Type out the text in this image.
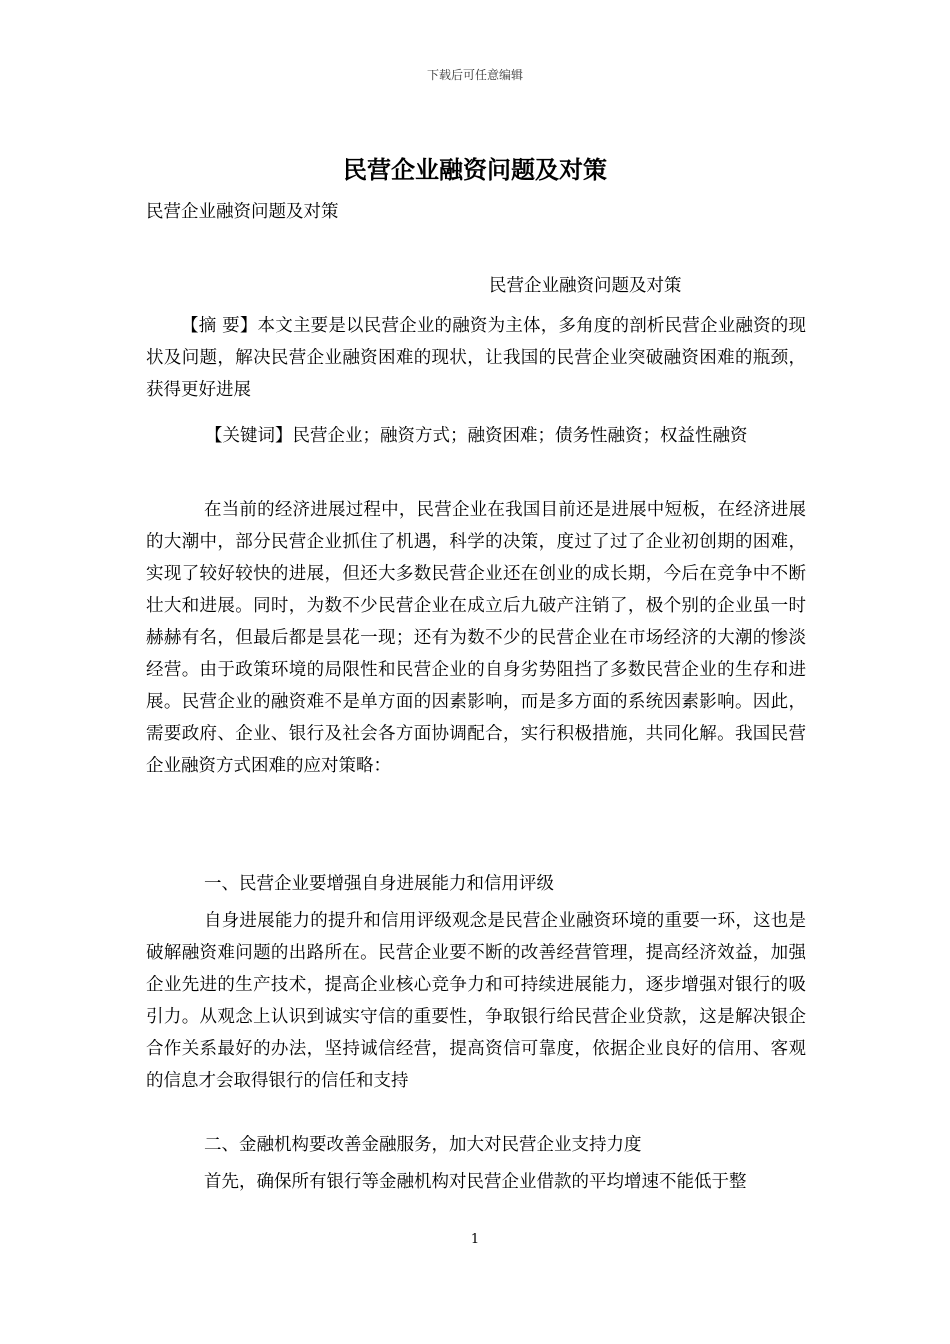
下载后可任意编辑
民营企业融资问题及对策

民营企业融资问题及对策

民营企业融资问题及对策

【摘 要】本文主要是以民营企业的融资为主体，多角度的剖析民营企业融资的现状及问题，解决民营企业融资困难的现状，让我国的民营企业突破融资困难的瓶颈，获得更好进展

【关键词】民营企业；融资方式；融资困难；债务性融资；权益性融资

在当前的经济进展过程中，民营企业在我国目前还是进展中短板，在经济进展的大潮中，部分民营企业抓住了机遇，科学的决策，度过了过了企业初创期的困难，实现了较好较快的进展，但还大多数民营企业还在创业的成长期，今后在竞争中不断壮大和进展。同时，为数不少民营企业在成立后九破产注销了，极个别的企业虽一时赫赫有名，但最后都是昙花一现；还有为数不少的民营企业在市场经济的大潮的惨淡经营。由于政策环境的局限性和民营企业的自身劣势阻挡了多数民营企业的生存和进展。民营企业的融资难不是单方面的因素影响，而是多方面的系统因素影响。因此，需要政府、企业、银行及社会各方面协调配合，实行积极措施，共同化解。我国民营企业融资方式困难的应对策略：

一、民营企业要增强自身进展能力和信用评级

自身进展能力的提升和信用评级观念是民营企业融资环境的重要一环，这也是破解融资难问题的出路所在。民营企业要不断的改善经营管理，提高经济效益，加强企业先进的生产技术，提高企业核心竞争力和可持续进展能力，逐步增强对银行的吸引力。从观念上认识到诚实守信的重要性，争取银行给民营企业贷款，这是解决银企合作关系最好的办法，坚持诚信经营，提高资信可靠度，依据企业良好的信用、客观的信息才会取得银行的信任和支持

二、金融机构要改善金融服务，加大对民营企业支持力度

首先，确保所有银行等金融机构对民营企业借款的平均增速不能低于整

1
